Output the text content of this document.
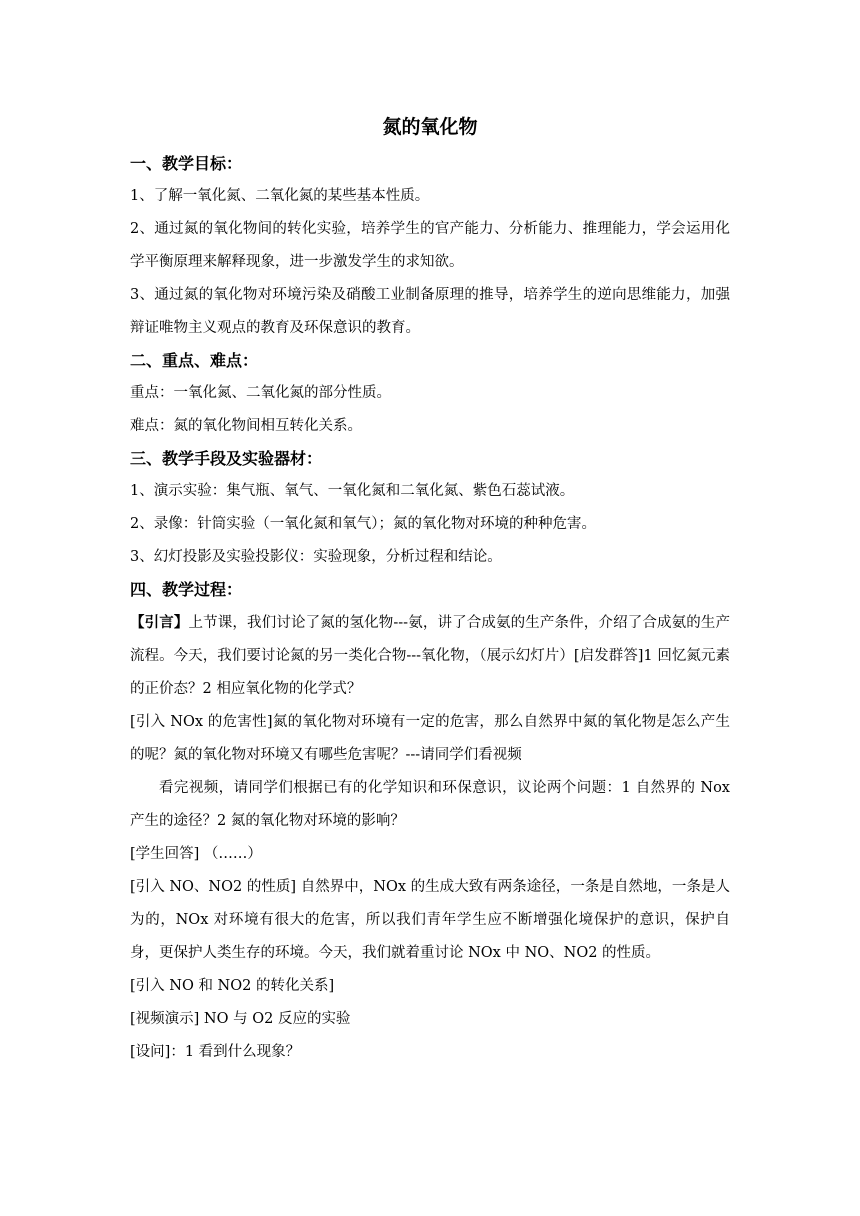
氮的氧化物

一、教学目标：

1、了解一氧化氮、二氧化氮的某些基本性质。

2、通过氮的氧化物间的转化实验，培养学生的官产能力、分析能力、推理能力，学会运用化学平衡原理来解释现象，进一步激发学生的求知欲。

3、通过氮的氧化物对环境污染及硝酸工业制备原理的推导，培养学生的逆向思维能力，加强辩证唯物主义观点的教育及环保意识的教育。

二、重点、难点：

重点：一氧化氮、二氧化氮的部分性质。

难点：氮的氧化物间相互转化关系。

三、教学手段及实验器材：

1、演示实验：集气瓶、氧气、一氧化氮和二氧化氮、紫色石蕊试液。

2、录像：针筒实验（一氧化氮和氧气）；氮的氧化物对环境的种种危害。

3、幻灯投影及实验投影仪：实验现象，分析过程和结论。

四、教学过程：

【引言】上节课，我们讨论了氮的氢化物---氨，讲了合成氨的生产条件，介绍了合成氨的生产流程。今天，我们要讨论氮的另一类化合物---氧化物，（展示幻灯片）[启发群答]1 回忆氮元素的正价态？2 相应氧化物的化学式？

[引入 NOx 的危害性]氮的氧化物对环境有一定的危害，那么自然界中氮的氧化物是怎么产生的呢？氮的氧化物对环境又有哪些危害呢？---请同学们看视频

看完视频，请同学们根据已有的化学知识和环保意识，议论两个问题：1 自然界的 Nox 产生的途径？2 氮的氧化物对环境的影响？

[学生回答] （……）

[引入 NO、NO2 的性质] 自然界中，NOx 的生成大致有两条途径，一条是自然地，一条是人为的，NOx 对环境有很大的危害，所以我们青年学生应不断增强化境保护的意识，保护自身，更保护人类生存的环境。今天，我们就着重讨论 NOx 中 NO、NO2 的性质。

[引入 NO 和 NO2 的转化关系]

[视频演示] NO 与 O2 反应的实验

[设问]：1 看到什么现象？
